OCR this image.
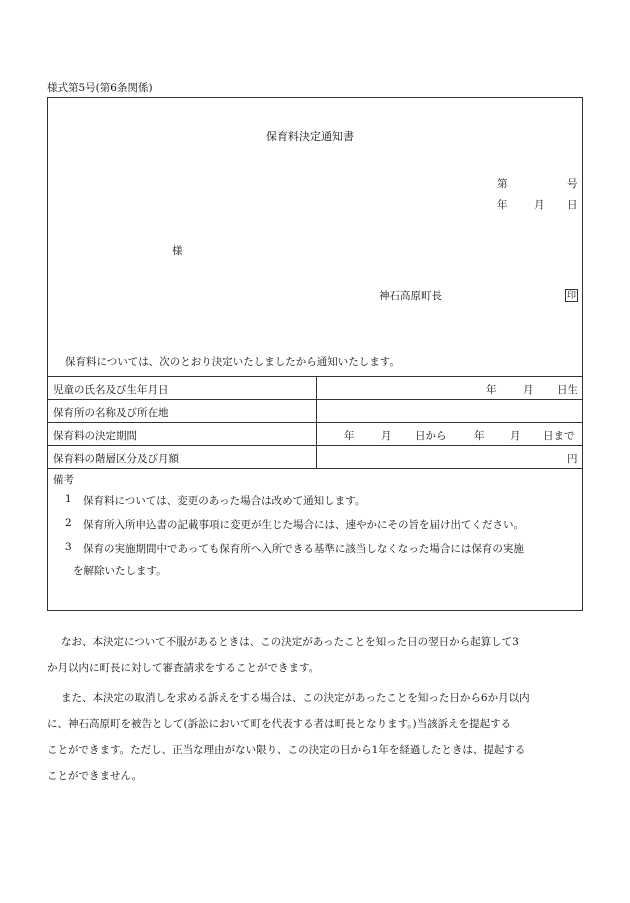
様式第5号(第6条関係)
保育料決定通知書
第	号
年	月 日
様
神石高原町長	印
保育料については、次のとおり決定いたしましたから通知いたします。
児童の氏名及び生年月日	年	月 日生
保育所の名称及び所在地
保育料の決定期間	年	月 日から	年 月 日まで
保育料の階層区分及び月額	円
備考
1 保育料については、変更のあった場合は改めて通知します。
2 保育所入所申込書の記載事項に変更が生じた場合には、速やかにその旨を届け出てください。
3 保育の実施期間中であっても保育所へ入所できる基準に該当しなくなった場合には保育の実施
を解除いたします。
なお、本決定について不服があるときは、この決定があったことを知った日の翌日から起算して3
か月以内に町長に対して審査請求をすることができます。
また、本決定の取消しを求める訴えをする場合は、この決定があったことを知った日から6か月以内
に、神石高原町を被告として(訴訟において町を代表する者は町長となります。)当該訴えを提起する
ことができます。ただし、正当な理由がない限り、この決定の日から1年を経過したときは、提起する
ことができません。
